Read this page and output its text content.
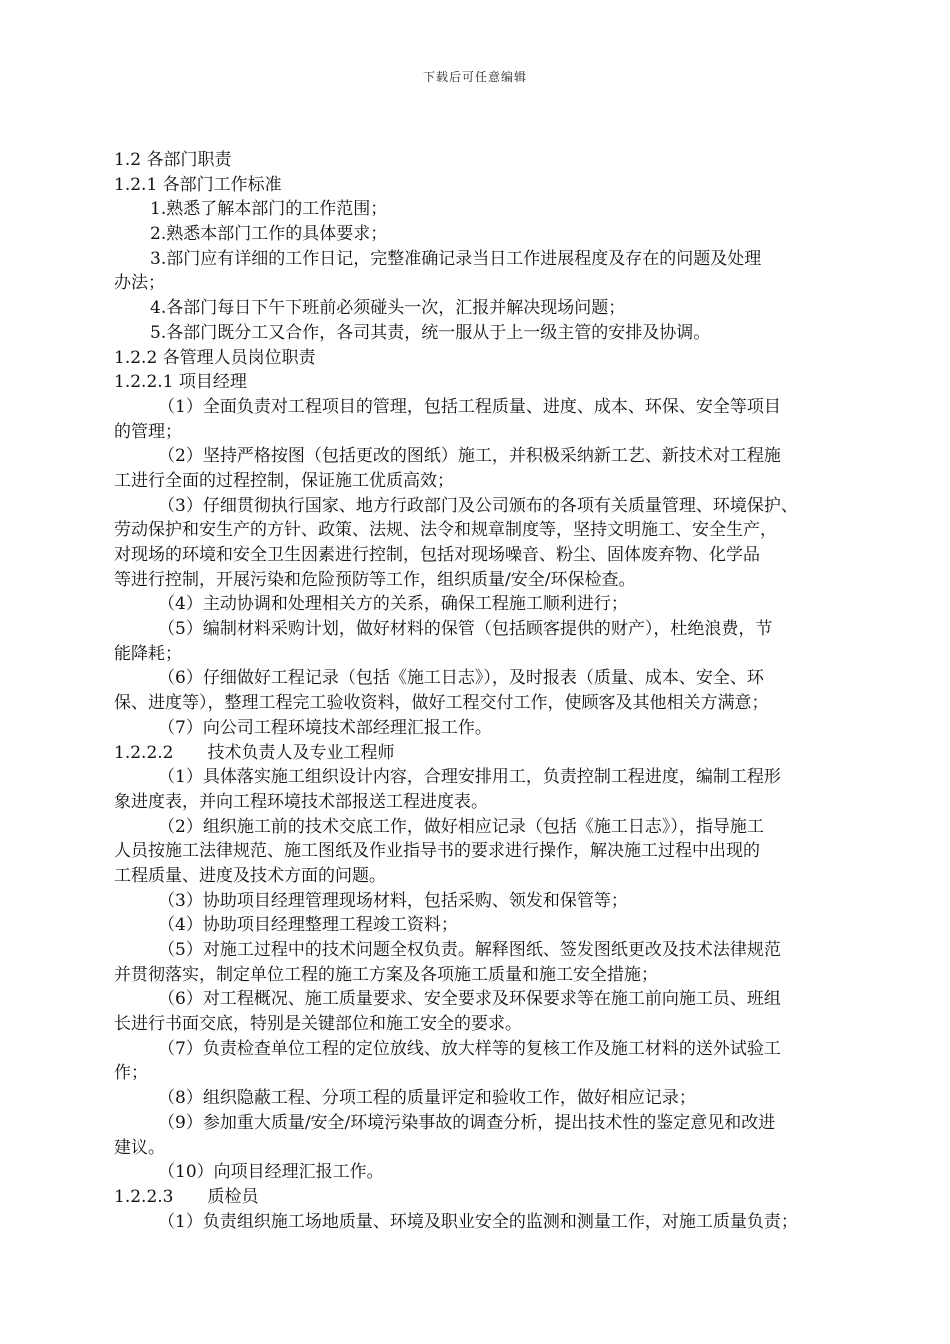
下载后可任意编辑
1.2 各部门职责
1.2.1 各部门工作标准
1.熟悉了解本部门的工作范围；
2.熟悉本部门工作的具体要求；
3.部门应有详细的工作日记，完整准确记录当日工作进展程度及存在的问题及处理
办法；
4.各部门每日下午下班前必须碰头一次，汇报并解决现场问题；
5.各部门既分工又合作，各司其责，统一服从于上一级主管的安排及协调。
1.2.2 各管理人员岗位职责
1.2.2.1 项目经理
（1）全面负责对工程项目的管理，包括工程质量、进度、成本、环保、安全等项目
的管理；
（2）坚持严格按图（包括更改的图纸）施工，并积极采纳新工艺、新技术对工程施
工进行全面的过程控制，保证施工优质高效；
（3）仔细贯彻执行国家、地方行政部门及公司颁布的各项有关质量管理、环境保护、
劳动保护和安生产的方针、政策、法规、法令和规章制度等，坚持文明施工、安全生产，
对现场的环境和安全卫生因素进行控制，包括对现场噪音、粉尘、固体废弃物、化学品
等进行控制，开展污染和危险预防等工作，组织质量/安全/环保检查。
（4）主动协调和处理相关方的关系，确保工程施工顺利进行；
（5）编制材料采购计划，做好材料的保管（包括顾客提供的财产），杜绝浪费，节
能降耗；
（6）仔细做好工程记录（包括《施工日志》），及时报表（质量、成本、安全、环
保、进度等），整理工程完工验收资料，做好工程交付工作，使顾客及其他相关方满意；
（7）向公司工程环境技术部经理汇报工作。
1.2.2.2 技术负责人及专业工程师
（1）具体落实施工组织设计内容，合理安排用工，负责控制工程进度，编制工程形
象进度表，并向工程环境技术部报送工程进度表。
（2）组织施工前的技术交底工作，做好相应记录（包括《施工日志》），指导施工
人员按施工法律规范、施工图纸及作业指导书的要求进行操作，解决施工过程中出现的
工程质量、进度及技术方面的问题。
（3）协助项目经理管理现场材料，包括采购、领发和保管等；
（4）协助项目经理整理工程竣工资料；
（5）对施工过程中的技术问题全权负责。解释图纸、签发图纸更改及技术法律规范
并贯彻落实，制定单位工程的施工方案及各项施工质量和施工安全措施；
（6）对工程概况、施工质量要求、安全要求及环保要求等在施工前向施工员、班组
长进行书面交底，特别是关键部位和施工安全的要求。
（7）负责检查单位工程的定位放线、放大样等的复核工作及施工材料的送外试验工
作；
（8）组织隐蔽工程、分项工程的质量评定和验收工作，做好相应记录；
（9）参加重大质量/安全/环境污染事故的调查分析，提出技术性的鉴定意见和改进
建议。
（10）向项目经理汇报工作。
1.2.2.3 质检员
（1）负责组织施工场地质量、环境及职业安全的监测和测量工作，对施工质量负责；
